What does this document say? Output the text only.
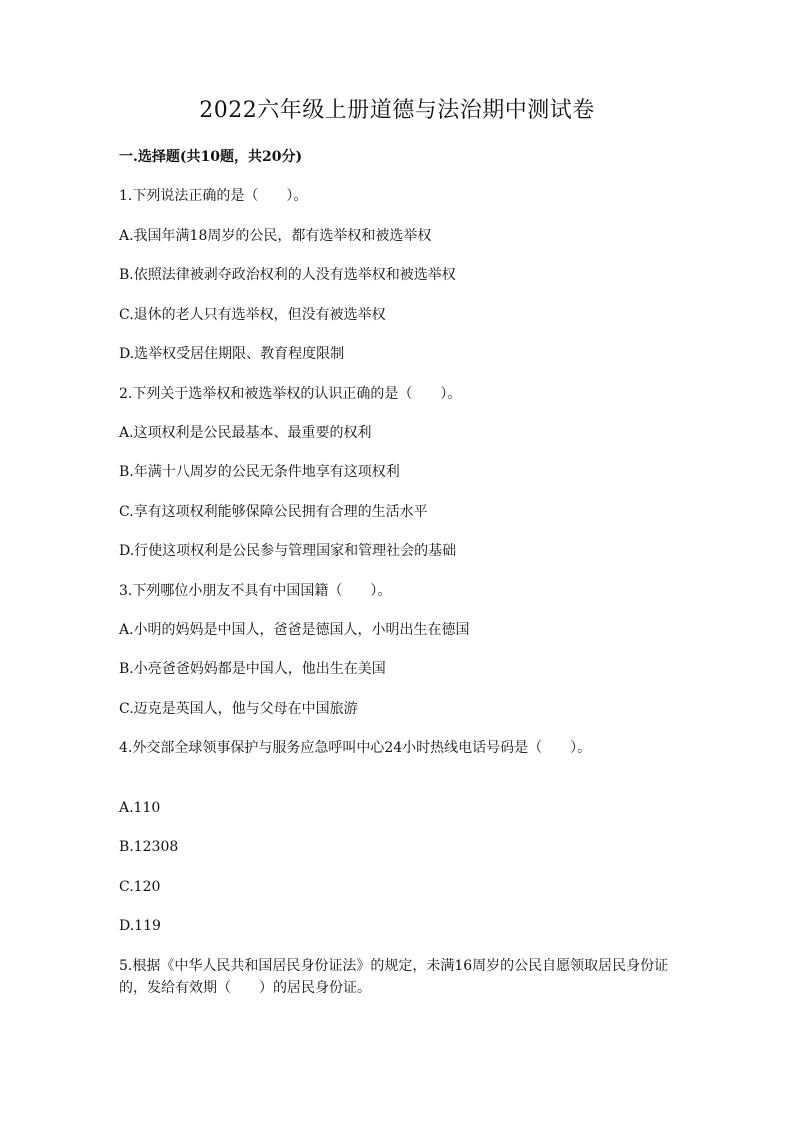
2022六年级上册道德与法治期中测试卷
一.选择题(共10题，共20分)
1.下列说法正确的是（　　）。
A.我国年满18周岁的公民，都有选举权和被选举权
B.依照法律被剥夺政治权利的人没有选举权和被选举权
C.退休的老人只有选举权，但没有被选举权
D.选举权受居住期限、教育程度限制
2.下列关于选举权和被选举权的认识正确的是（　　）。
A.这项权利是公民最基本、最重要的权利
B.年满十八周岁的公民无条件地享有这项权利
C.享有这项权利能够保障公民拥有合理的生活水平
D.行使这项权利是公民参与管理国家和管理社会的基础
3.下列哪位小朋友不具有中国国籍（　　）。
A.小明的妈妈是中国人，爸爸是德国人，小明出生在德国
B.小亮爸爸妈妈都是中国人，他出生在美国
C.迈克是英国人，他与父母在中国旅游
4.外交部全球领事保护与服务应急呼叫中心24小时热线电话号码是（　　）。
A.110
B.12308
C.120
D.119
5.根据《中华人民共和国居民身份证法》的规定，未满16周岁的公民自愿领取居民身份证的，发给有效期（　　）的居民身份证。
